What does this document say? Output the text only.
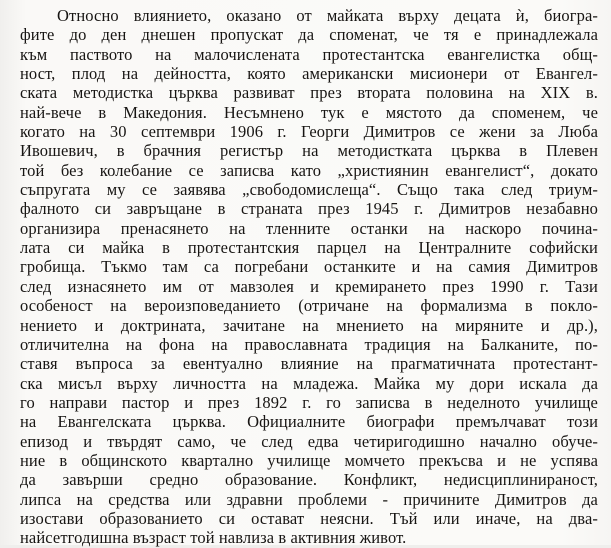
Относно влиянието, оказано от майката върху децата ѝ, биогра-
фите до ден днешен пропускат да споменат, че тя е принадлежала
към паството на малочислената протестантска евангелистка общ-
ност, плод на дейността, която американски мисионери от Евангел-
ската методистка църква развиват през втората половина на XIX в.
най-вече в Македония. Несъмнено тук е мястото да споменем, че
когато на 30 септември 1906 г. Георги Димитров се жени за Люба
Ивошевич, в брачния регистър на методистката църква в Плевен
той без колебание се записва като „християнин евангелист“, докато
съпругата му се заявява „свободомислеща“. Също така след триум-
фалното си завръщане в страната през 1945 г. Димитров незабавно
организира пренасянето на тленните останки на наскоро почина-
лата си майка в протестантския парцел на Централните софийски
гробища. Тъкмо там са погребани останките и на самия Димитров
след изнасянето им от мавзолея и кремирането през 1990 г. Тази
особеност на вероизповеданието (отричане на формализма в покло-
нението и доктрината, зачитане на мнението на миряните и др.),
отличителна на фона на православната традиция на Балканите, по-
ставя въпроса за евентуално влияние на прагматичната протестант-
ска мисъл върху личността на младежа. Майка му дори искала да
го направи пастор и през 1892 г. го записва в неделното училище
на Евангелската църква. Официалните биографи премълчават този
епизод и твърдят само, че след едва четиригодишно начално обуче-
ние в общинското квартално училище момчето прекъсва и не успява
да завърши средно образование. Конфликт, недисциплинираност,
липса на средства или здравни проблеми - причините Димитров да
изостави образованието си остават неясни. Тъй или иначе, на два-
найсетгодишна възраст той навлиза в активния живот.
